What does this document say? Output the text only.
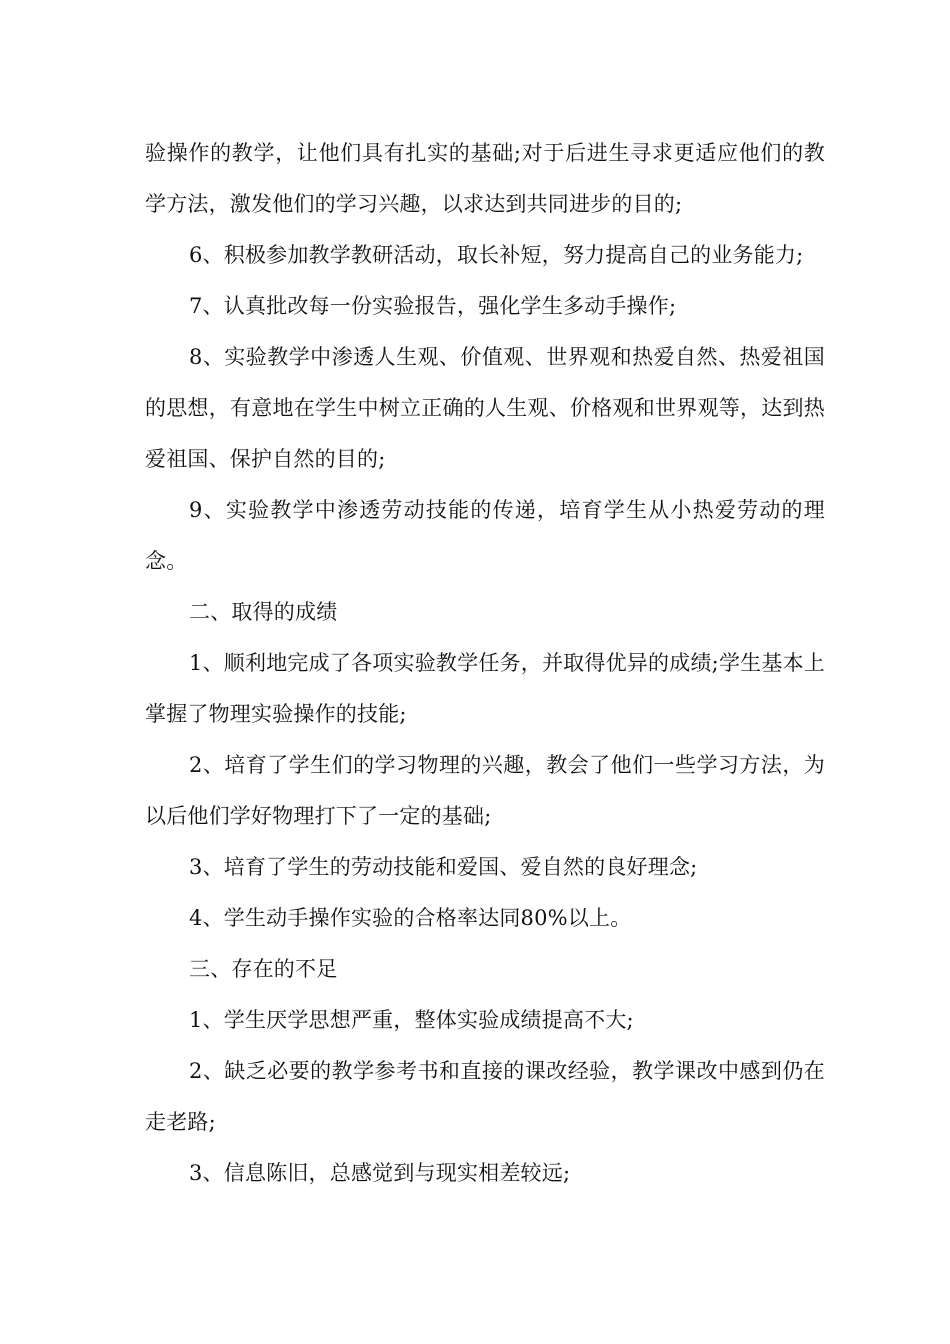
验操作的教学，让他们具有扎实的基础;对于后进生寻求更适应他们的教学方法，激发他们的学习兴趣，以求达到共同进步的目的;

6、积极参加教学教研活动，取长补短，努力提高自己的业务能力;

7、认真批改每一份实验报告，强化学生多动手操作;

8、实验教学中渗透人生观、价值观、世界观和热爱自然、热爱祖国的思想，有意地在学生中树立正确的人生观、价格观和世界观等，达到热爱祖国、保护自然的目的;

9、实验教学中渗透劳动技能的传递，培育学生从小热爱劳动的理念。

二、取得的成绩

1、顺利地完成了各项实验教学任务，并取得优异的成绩;学生基本上掌握了物理实验操作的技能;

2、培育了学生们的学习物理的兴趣，教会了他们一些学习方法，为以后他们学好物理打下了一定的基础;

3、培育了学生的劳动技能和爱国、爱自然的良好理念;

4、学生动手操作实验的合格率达同80%以上。

三、存在的不足

1、学生厌学思想严重，整体实验成绩提高不大;

2、缺乏必要的教学参考书和直接的课改经验，教学课改中感到仍在走老路;

3、信息陈旧，总感觉到与现实相差较远;
